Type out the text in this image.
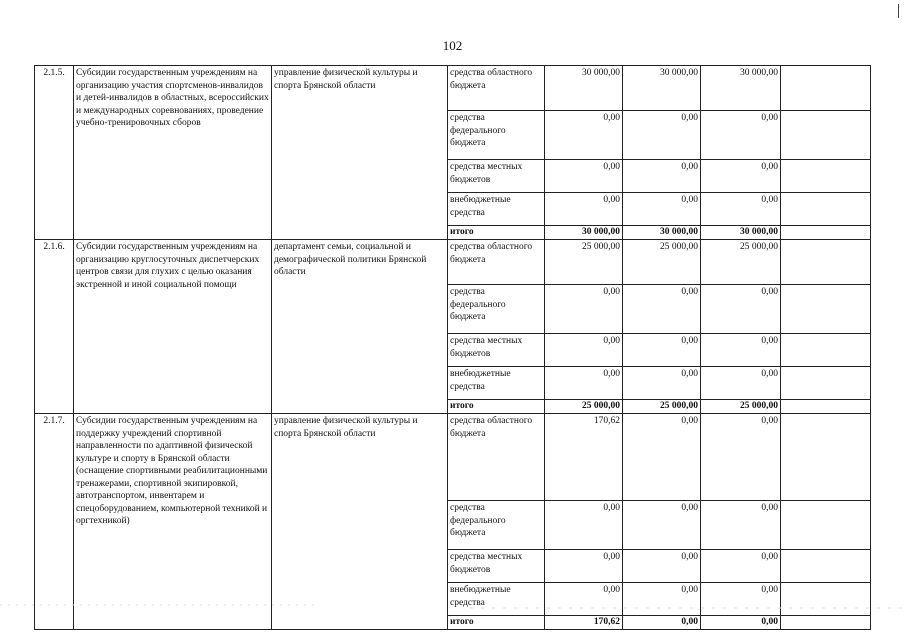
102
2.1.5.	Субсидии государственным учреждениям на организацию участия спортсменов-инвалидов и детей-инвалидов в областных, всероссийских и международных соревнованиях, проведение учебно-тренировочных сборов	управление физической культуры и спорта Брянской области	средства областного бюджета	30 000,00	30 000,00	30 000,00	
			средства федерального бюджета	0,00	0,00	0,00	
			средства местных бюджетов	0,00	0,00	0,00	
			внебюджетные средства	0,00	0,00	0,00	
			итого	30 000,00	30 000,00	30 000,00	
2.1.6.	Субсидии государственным учреждениям на организацию круглосуточных диспетчерских центров связи для глухих с целью оказания экстренной и иной социальной помощи	департамент семьи, социальной и демографической политики Брянской области	средства областного бюджета	25 000,00	25 000,00	25 000,00	
			средства федерального бюджета	0,00	0,00	0,00	
			средства местных бюджетов	0,00	0,00	0,00	
			внебюджетные средства	0,00	0,00	0,00	
			итого	25 000,00	25 000,00	25 000,00	
2.1.7.	Субсидии государственным учреждениям на поддержку учреждений спортивной направленности по адаптивной физической культуре и спорту в Брянской области (оснащение спортивными реабилитационными тренажерами, спортивной экипировкой, автотранспортом, инвентарем и спецоборудованием, компьютерной техникой и оргтехникой)	управление физической культуры и спорта Брянской области	средства областного бюджета	170,62	0,00	0,00	
			средства федерального бюджета	0,00	0,00	0,00	
			средства местных бюджетов	0,00	0,00	0,00	
			внебюджетные средства	0,00	0,00	0,00	
			итого	170,62	0,00	0,00	
